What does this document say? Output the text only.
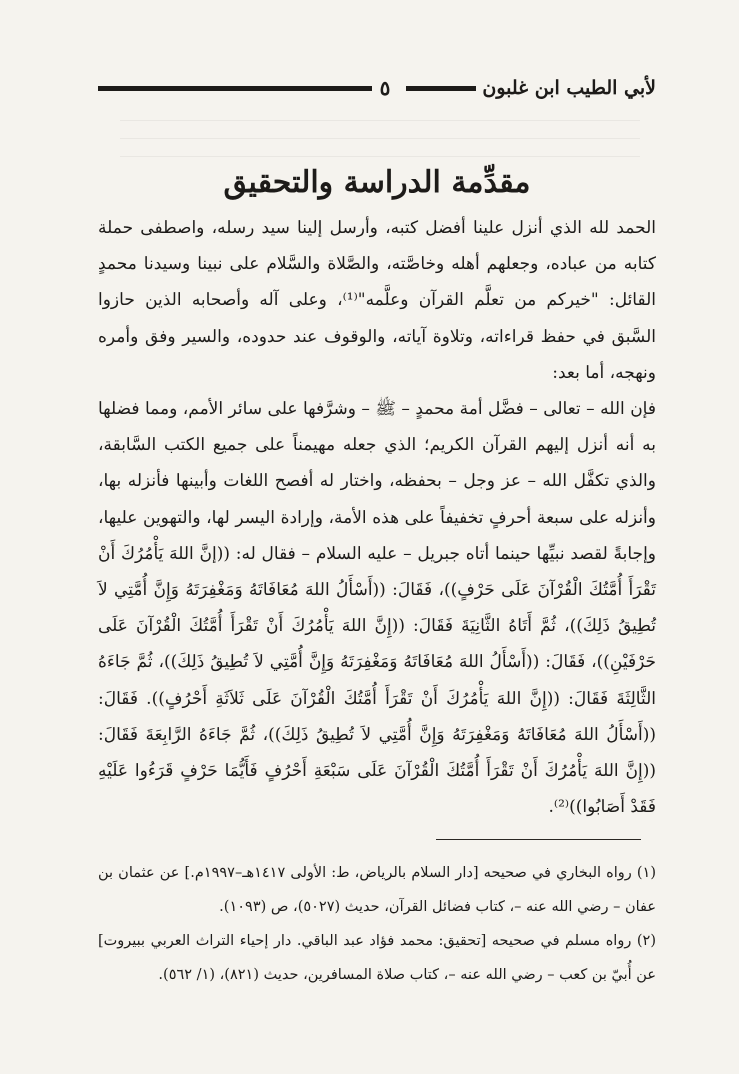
لأبي الطيب ابن غلبون
٥
مقدِّمة الدراسة والتحقيق

الحمد لله الذي أنزل علينا أفضل كتبه، وأرسل إلينا سيد رسله، واصطفى حملة كتابه من عباده، وجعلهم أهله وخاصَّته، والصَّلاة والسَّلام على نبينا وسيدنا محمدٍ القائل: "خيركم من تعلَّم القرآن وعلَّمه"⁽¹⁾، وعلى آله وأصحابه الذين حازوا السَّبق في حفظ قراءاته، وتلاوة آياته، والوقوف عند حدوده، والسير وفق وأمره ونهجه، أما بعد:

فإن الله – تعالى – فضَّل أمة محمدٍ – ﷺ – وشرَّفها على سائر الأمم، ومما فضلها به أنه أنزل إليهم القرآن الكريم؛ الذي جعله مهيمناً على جميع الكتب السَّابقة، والذي تكفَّل الله – عز وجل – بحفظه، واختار له أفصح اللغات وأبينها فأنزله بها، وأنزله على سبعة أحرفٍ تخفيفاً على هذه الأمة، وإرادة اليسر لها، والتهوين عليها، وإجابةً لقصد نبيِّها حينما أتاه جبريل – عليه السلام – فقال له: ((إنَّ اللهَ يَأْمُرُكَ أَنْ تَقْرَأَ أُمَّتُكَ الْقُرْآنَ عَلَى حَرْفٍ))، فَقَالَ: ((أَسْأَلُ اللهَ مُعَافَاتَهُ وَمَغْفِرَتَهُ وَإِنَّ أُمَّتِي لاَ تُطِيقُ ذَلِكَ))، ثُمَّ أَتَاهُ الثَّانِيَةَ فَقَالَ: ((إِنَّ اللهَ يَأْمُرُكَ أَنْ تَقْرَأَ أُمَّتُكَ الْقُرْآنَ عَلَى حَرْفَيْنِ))، فَقَالَ: ((أَسْأَلُ اللهَ مُعَافَاتَهُ وَمَغْفِرَتَهُ وَإِنَّ أُمَّتِي لاَ تُطِيقُ ذَلِكَ))، ثُمَّ جَاءَهُ الثَّالِثَةَ فَقَالَ: ((إِنَّ اللهَ يَأْمُرُكَ أَنْ تَقْرَأَ أُمَّتُكَ الْقُرْآنَ عَلَى ثَلاَثَةِ أَحْرُفٍ)). فَقَالَ: ((أَسْأَلُ اللهَ مُعَافَاتَهُ وَمَغْفِرَتَهُ وَإِنَّ أُمَّتِي لاَ تُطِيقُ ذَلِكَ))، ثُمَّ جَاءَهُ الرَّابِعَةَ فَقَالَ: ((إِنَّ اللهَ يَأْمُرُكَ أَنْ تَقْرَأَ أُمَّتُكَ الْقُرْآنَ عَلَى سَبْعَةِ أَحْرُفٍ فَأَيُّمَا حَرْفٍ قَرَءُوا عَلَيْهِ فَقَدْ أَصَابُوا))⁽²⁾.

(١) رواه البخاري في صحيحه [دار السلام بالرياض، ط: الأولى ١٤١٧هـ–١٩٩٧م.] عن عثمان بن عفان – رضي الله عنه –، كتاب فضائل القرآن، حديث (٥٠٢٧)، ص (١٠٩٣).

(٢) رواه مسلم في صحيحه [تحقيق: محمد فؤاد عبد الباقي. دار إحياء التراث العربي ببيروت] عن أُبيّ بن كعب – رضي الله عنه –، كتاب صلاة المسافرين، حديث (٨٢١)، (١/ ٥٦٢).
